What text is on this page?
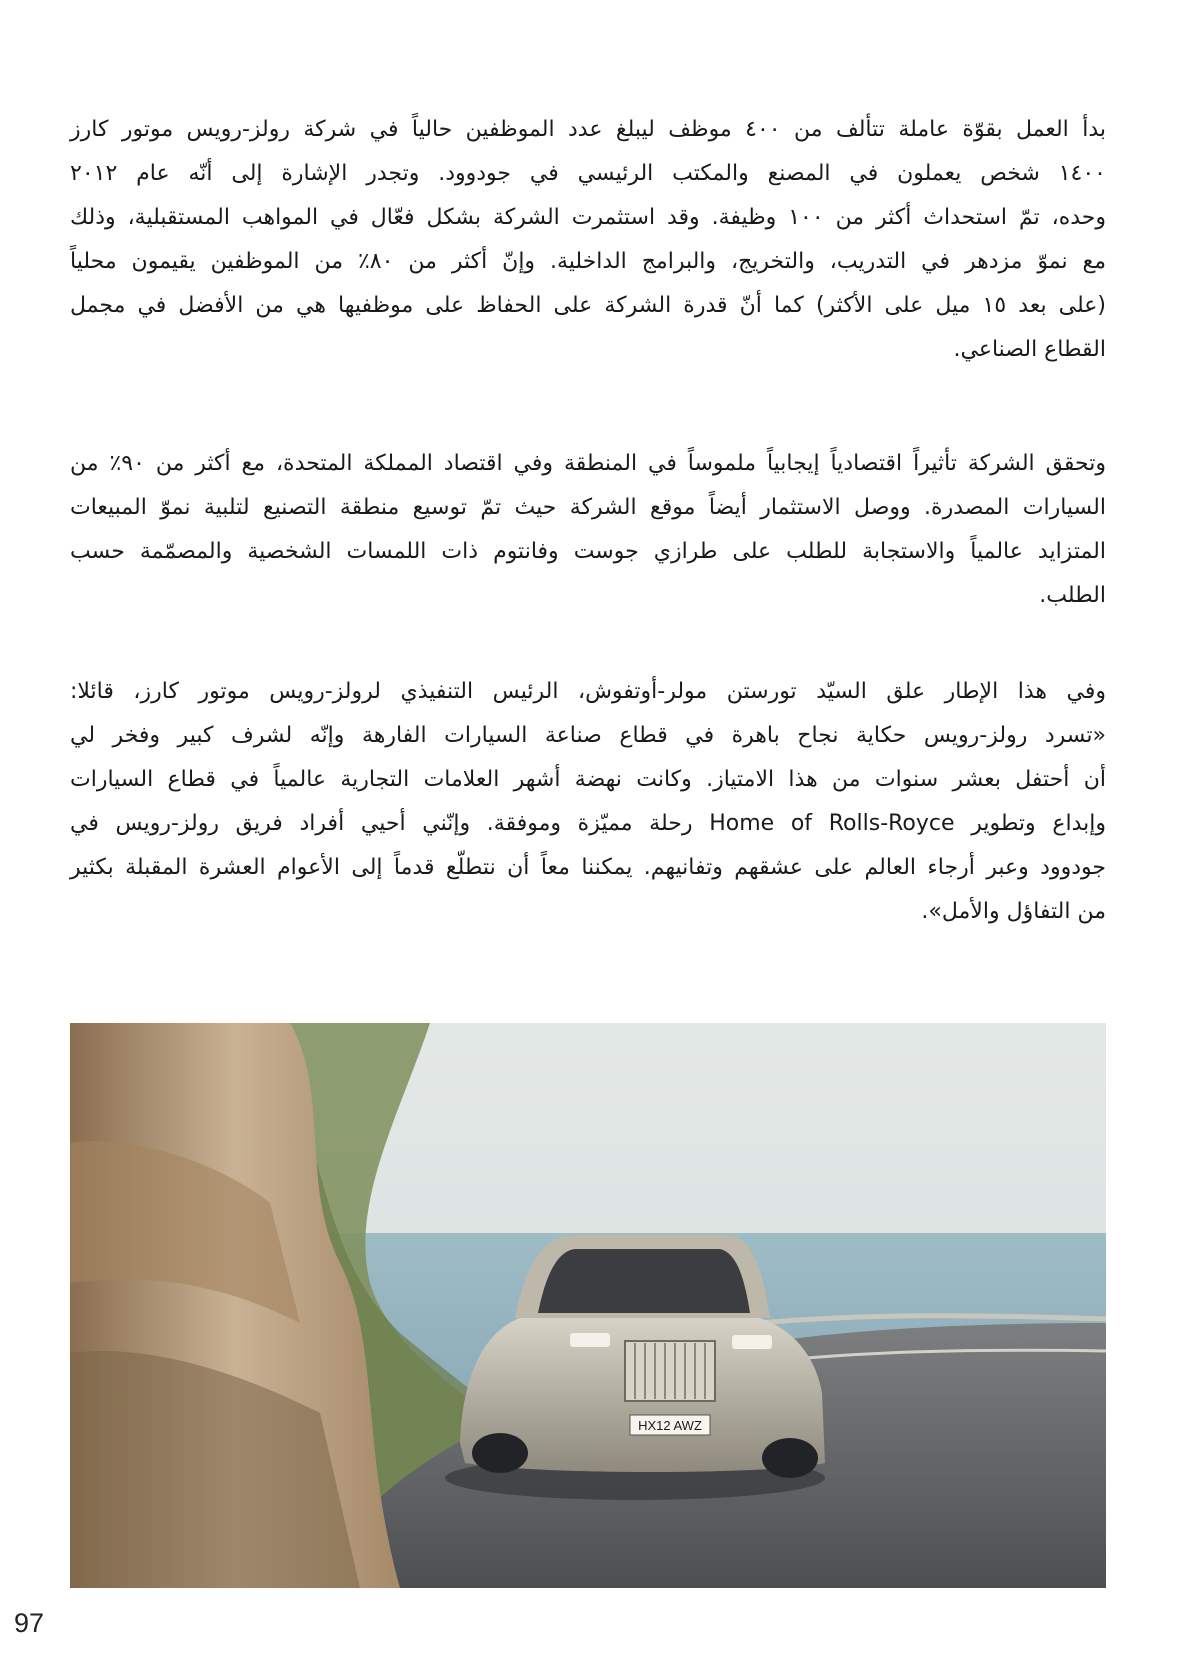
بدأ العمل بقوّة عاملة تتألف من ٤٠٠ موظف ليبلغ عدد الموظفين حالياً في شركة رولز-رويس موتور كارز
١٤٠٠ شخص يعملون في المصنع والمكتب الرئيسي في جودوود. وتجدر الإشارة إلى أنّه عام ٢٠١٢
وحده، تمّ استحداث أكثر من ١٠٠ وظيفة. وقد استثمرت الشركة بشكل فعّال في المواهب المستقبلية، وذلك
مع نموّ مزدهر في التدريب، والتخريج، والبرامج الداخلية. وإنّ أكثر من ٨٠٪ من الموظفين يقيمون محلياً
(على بعد ١٥ ميل على الأكثر) كما أنّ قدرة الشركة على الحفاظ على موظفيها هي من الأفضل في مجمل
القطاع الصناعي.
وتحقق الشركة تأثيراً اقتصادياً إيجابياً ملموساً في المنطقة وفي اقتصاد المملكة المتحدة، مع أكثر من ٩٠٪ من
السيارات المصدرة. ووصل الاستثمار أيضاً موقع الشركة حيث تمّ توسيع منطقة التصنيع لتلبية نموّ المبيعات
المتزايد عالمياً والاستجابة للطلب على طرازي جوست وفانتوم ذات اللمسات الشخصية والمصمّمة حسب
الطلب.
وفي هذا الإطار علق السيّد تورستن مولر-أوتفوش، الرئيس التنفيذي لرولز-رويس موتور كارز، قائلا:
«تسرد رولز-رويس حكاية نجاح باهرة في قطاع صناعة السيارات الفارهة وإنّه لشرف كبير وفخر لي
أن أحتفل بعشر سنوات من هذا الامتياز. وكانت نهضة أشهر العلامات التجارية عالمياً في قطاع السيارات
وإبداع وتطوير Home of Rolls-Royce رحلة مميّزة وموفقة. وإنّني أحيي أفراد فريق رولز-رويس في
جودوود وعبر أرجاء العالم على عشقهم وتفانيهم. يمكننا معاً أن نتطلّع قدماً إلى الأعوام العشرة المقبلة بكثير
من التفاؤل والأمل».
HX12 AWZ
97
